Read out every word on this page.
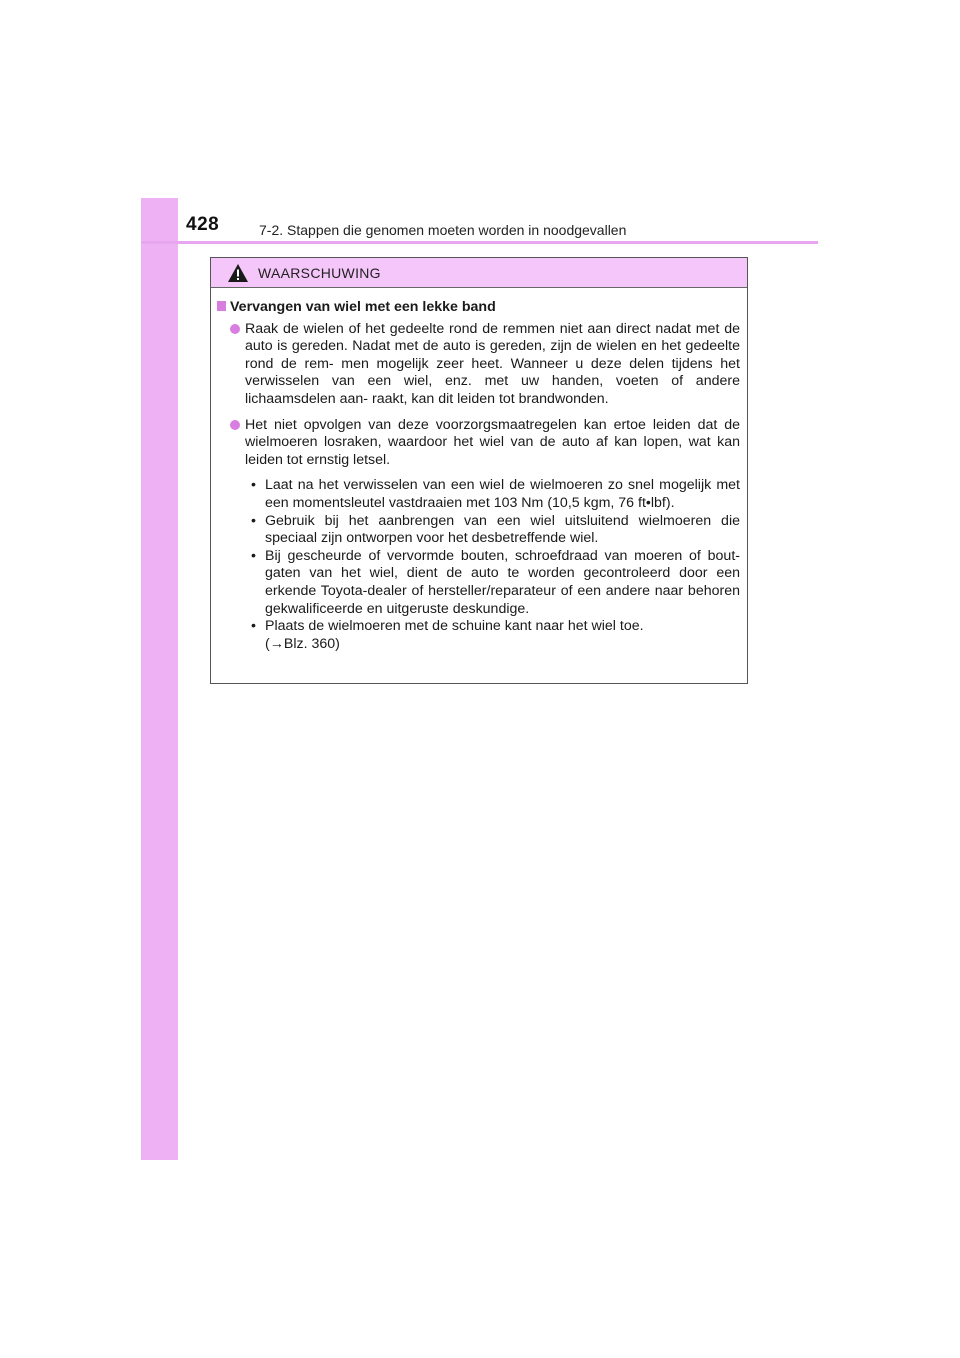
428	7-2. Stappen die genomen moeten worden in noodgevallen
WAARSCHUWING
Vervangen van wiel met een lekke band
Raak de wielen of het gedeelte rond de remmen niet aan direct nadat met de auto is gereden. Nadat met de auto is gereden, zijn de wielen en het gedeelte rond de rem- men mogelijk zeer heet. Wanneer u deze delen tijdens het verwisselen van een wiel, enz. met uw handen, voeten of andere lichaamsdelen aan- raakt, kan dit leiden tot brandwonden.
Het niet opvolgen van deze voorzorgsmaatregelen kan ertoe leiden dat de wielmoeren losraken, waardoor het wiel van de auto af kan lopen, wat kan leiden tot ernstig letsel.
• Laat na het verwisselen van een wiel de wielmoeren zo snel mogelijk met een momentsleutel vastdraaien met 103 Nm (10,5 kgm, 76 ft•lbf).
• Gebruik bij het aanbrengen van een wiel uitsluitend wielmoeren die speciaal zijn ontworpen voor het desbetreffende wiel.
• Bij gescheurde of vervormde bouten, schroefdraad van moeren of bout- gaten van het wiel, dient de auto te worden gecontroleerd door een erkende Toyota-dealer of hersteller/reparateur of een andere naar behoren gekwalificeerde en uitgeruste deskundige.
• Plaats de wielmoeren met de schuine kant naar het wiel toe.
(→Blz. 360)
